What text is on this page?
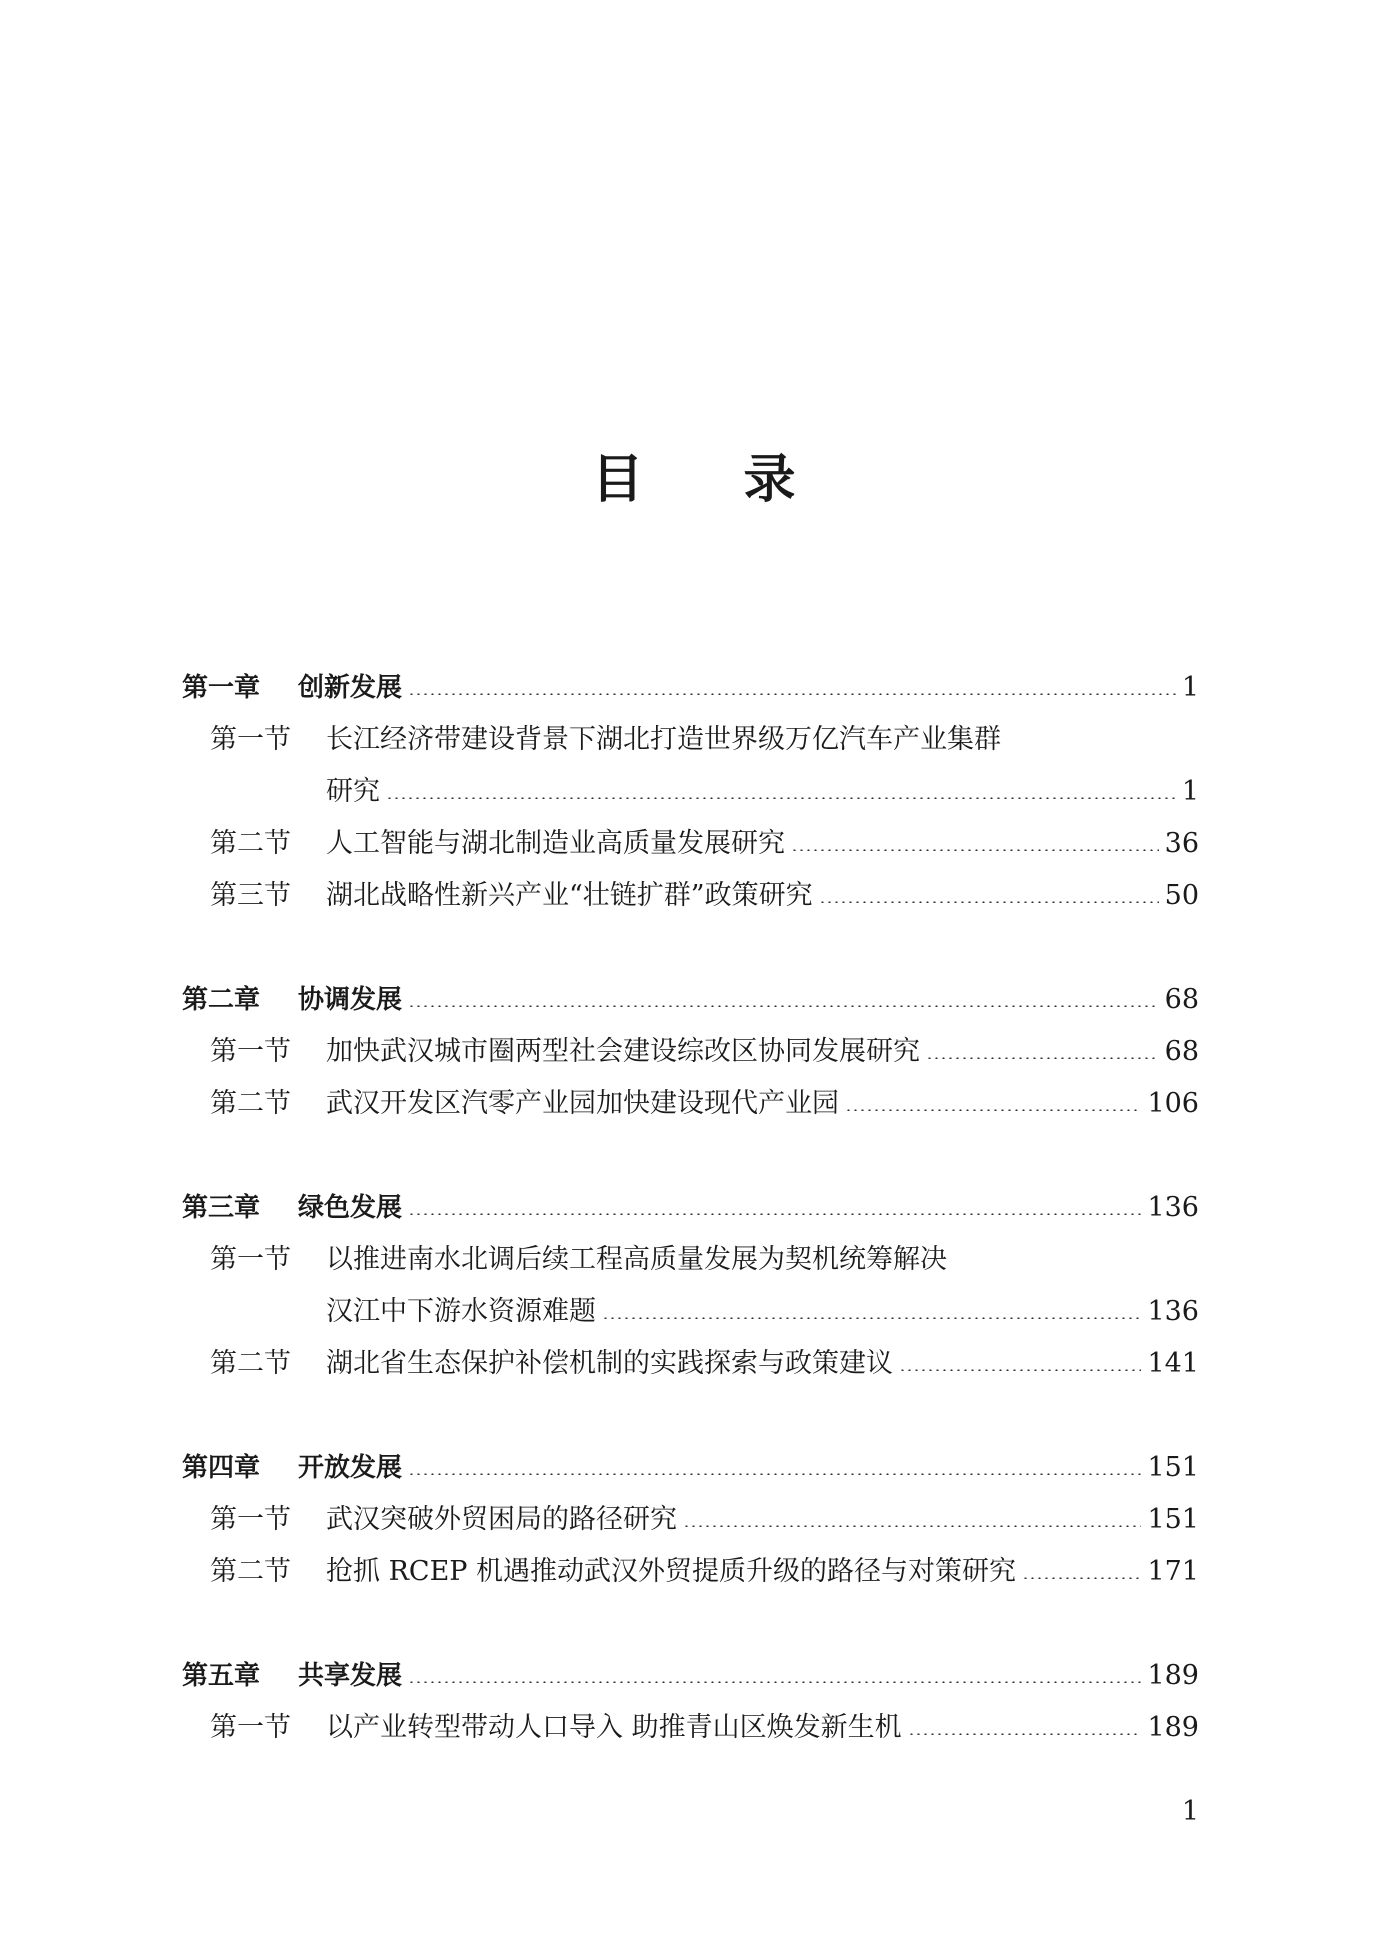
目录
第一章	创新发展	1
第一节	长江经济带建设背景下湖北打造世界级万亿汽车产业集群
研究	1
第二节	人工智能与湖北制造业高质量发展研究	36
第三节	湖北战略性新兴产业“壮链扩群”政策研究	50
第二章	协调发展	68
第一节	加快武汉城市圈两型社会建设综改区协同发展研究	68
第二节	武汉开发区汽零产业园加快建设现代产业园	106
第三章	绿色发展	136
第一节	以推进南水北调后续工程高质量发展为契机统筹解决
汉江中下游水资源难题	136
第二节	湖北省生态保护补偿机制的实践探索与政策建议	141
第四章	开放发展	151
第一节	武汉突破外贸困局的路径研究	151
第二节	抢抓 RCEP 机遇推动武汉外贸提质升级的路径与对策研究	171
第五章	共享发展	189
第一节	以产业转型带动人口导入 助推青山区焕发新生机	189
1
